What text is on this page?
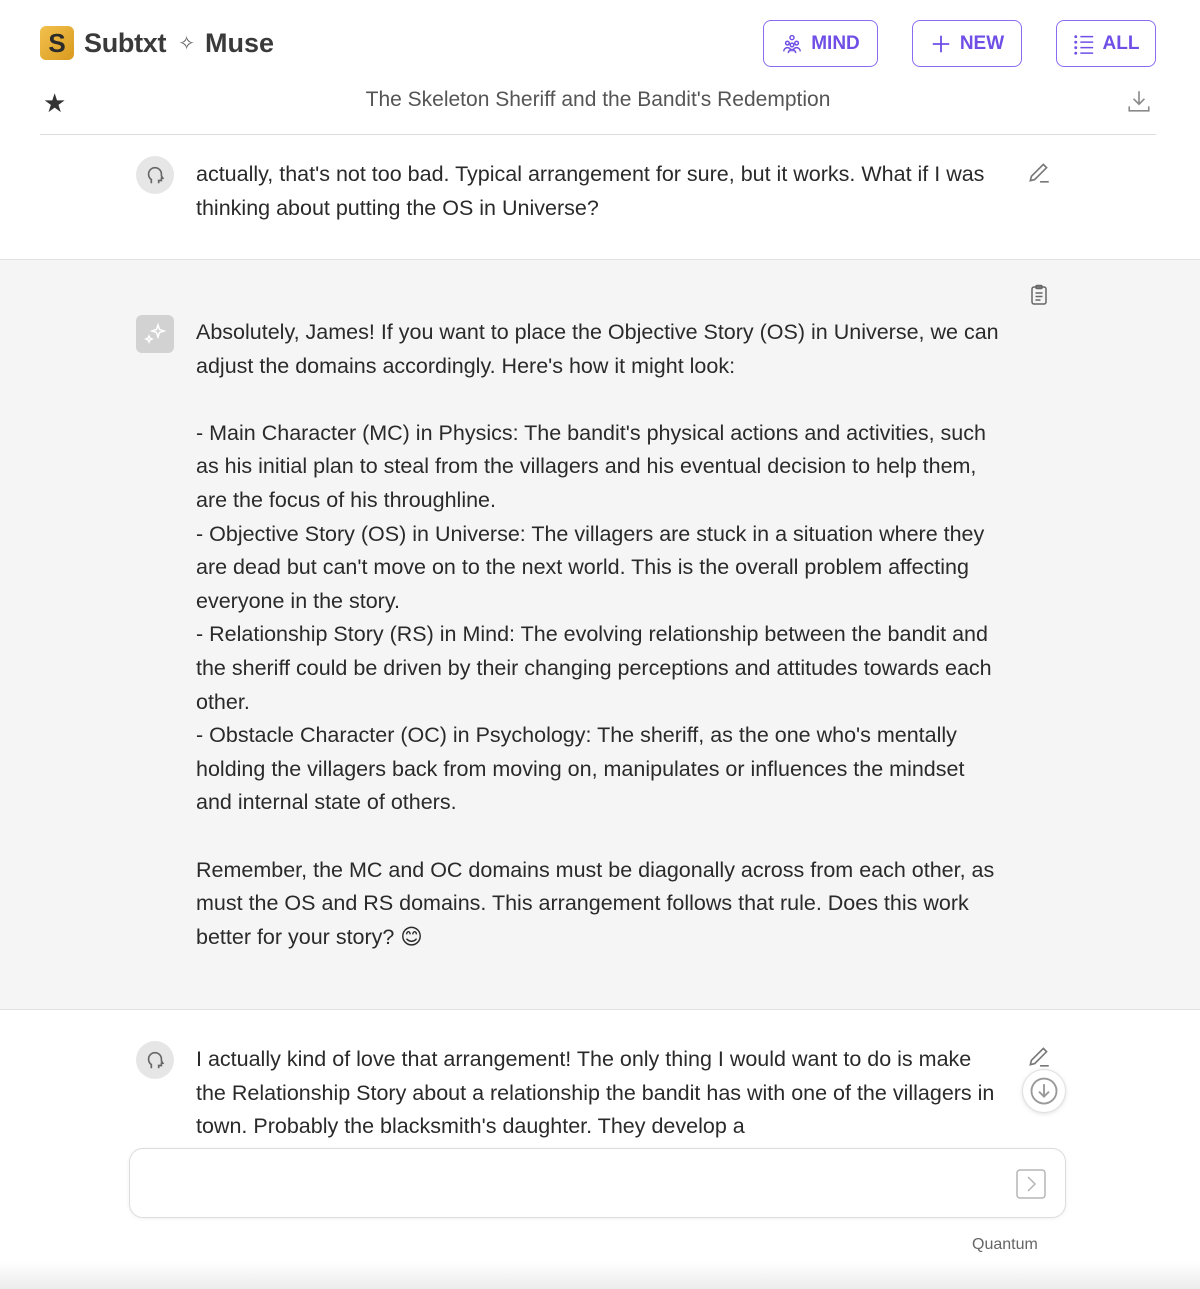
S Subtxt ✧ Muse	MIND	NEW	ALL
★	The Skeleton Sheriff and the Bandit's Redemption
actually, that's not too bad. Typical arrangement for sure, but it works. What if I was thinking about putting the OS in Universe?
Absolutely, James! If you want to place the Objective Story (OS) in Universe, we can adjust the domains accordingly. Here's how it might look:

- Main Character (MC) in Physics: The bandit's physical actions and activities, such as his initial plan to steal from the villagers and his eventual decision to help them, are the focus of his throughline.
- Objective Story (OS) in Universe: The villagers are stuck in a situation where they are dead but can't move on to the next world. This is the overall problem affecting everyone in the story.
- Relationship Story (RS) in Mind: The evolving relationship between the bandit and the sheriff could be driven by their changing perceptions and attitudes towards each other.
- Obstacle Character (OC) in Psychology: The sheriff, as the one who's mentally holding the villagers back from moving on, manipulates or influences the mindset and internal state of others.

Remember, the MC and OC domains must be diagonally across from each other, as must the OS and RS domains. This arrangement follows that rule. Does this work better for your story? 😊
I actually kind of love that arrangement! The only thing I would want to do is make the Relationship Story about a relationship the bandit has with one of the villagers in town. Probably the blacksmith's daughter. They develop a
Quantum
